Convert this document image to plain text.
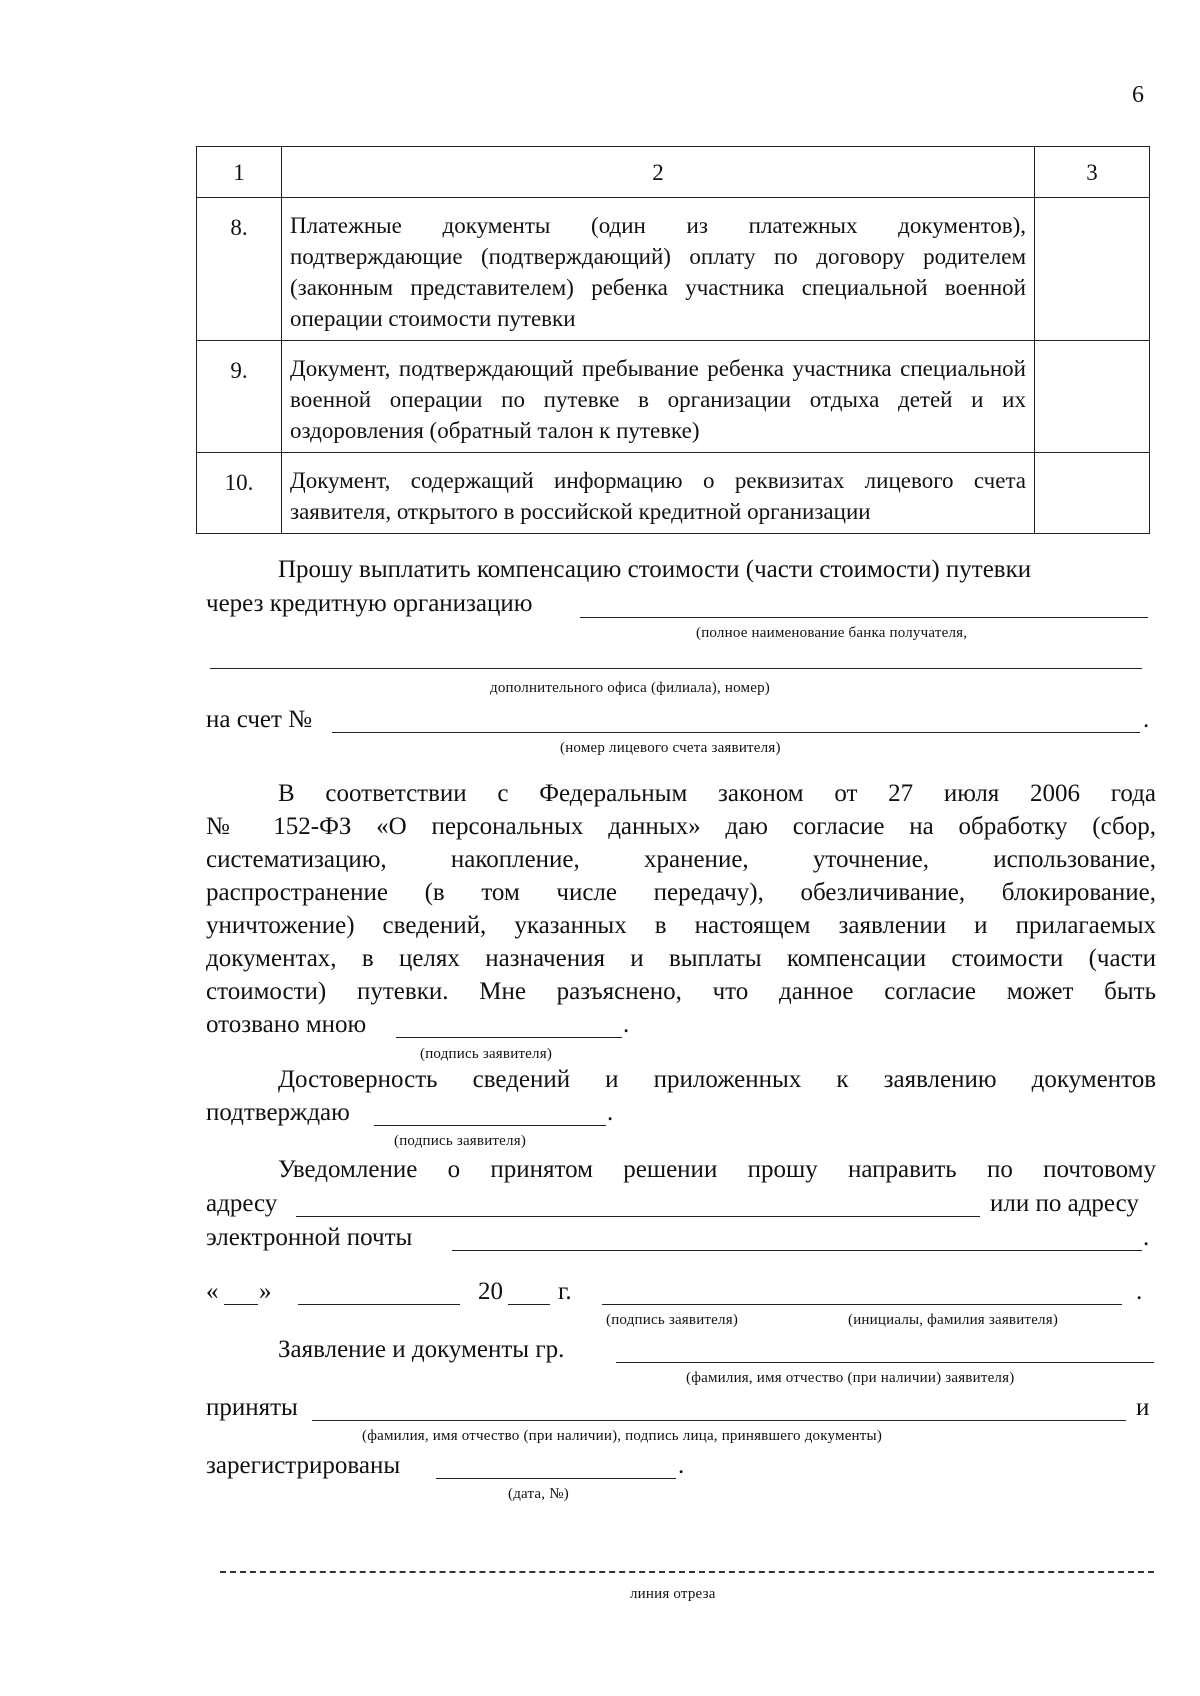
6
1	2	3
8.	Платежные документы (один из платежных документов), подтверждающие (подтверждающий) оплату по договору родителем (законным представителем) ребенка участника специальной военной операции стоимости путевки	
9.	Документ, подтверждающий пребывание ребенка участника специальной военной операции по путевке в организации отдыха детей и их оздоровления (обратный талон к путевке)	
10.	Документ, содержащий информацию о реквизитах лицевого счета заявителя, открытого в российской кредитной организации	
Прошу выплатить компенсацию стоимости (части стоимости) путевки
через кредитную организацию
(полное наименование банка получателя,
дополнительного офиса (филиала), номер)
на счет №	.
(номер лицевого счета заявителя)
В соответствии с Федеральным законом от 27 июля 2006 года
№ 152-ФЗ «О персональных данных» даю согласие на обработку (сбор,
систематизацию, накопление, хранение, уточнение, использование,
распространение (в том числе передачу), обезличивание, блокирование,
уничтожение) сведений, указанных в настоящем заявлении и прилагаемых
документах, в целях назначения и выплаты компенсации стоимости (части
стоимости) путевки. Мне разъяснено, что данное согласие может быть
отозвано мною	.
(подпись заявителя)
Достоверность сведений и приложенных к заявлению документов
подтверждаю	.
(подпись заявителя)
Уведомление о принятом решении прошу направить по почтовому
адресу	или по адресу
электронной почты	.
« »	20 г.	.
(подпись заявителя)	(инициалы, фамилия заявителя)
Заявление и документы гр.
(фамилия, имя отчество (при наличии) заявителя)
приняты	и
(фамилия, имя отчество (при наличии), подпись лица, принявшего документы)
зарегистрированы	.
(дата, №)
линия отреза
